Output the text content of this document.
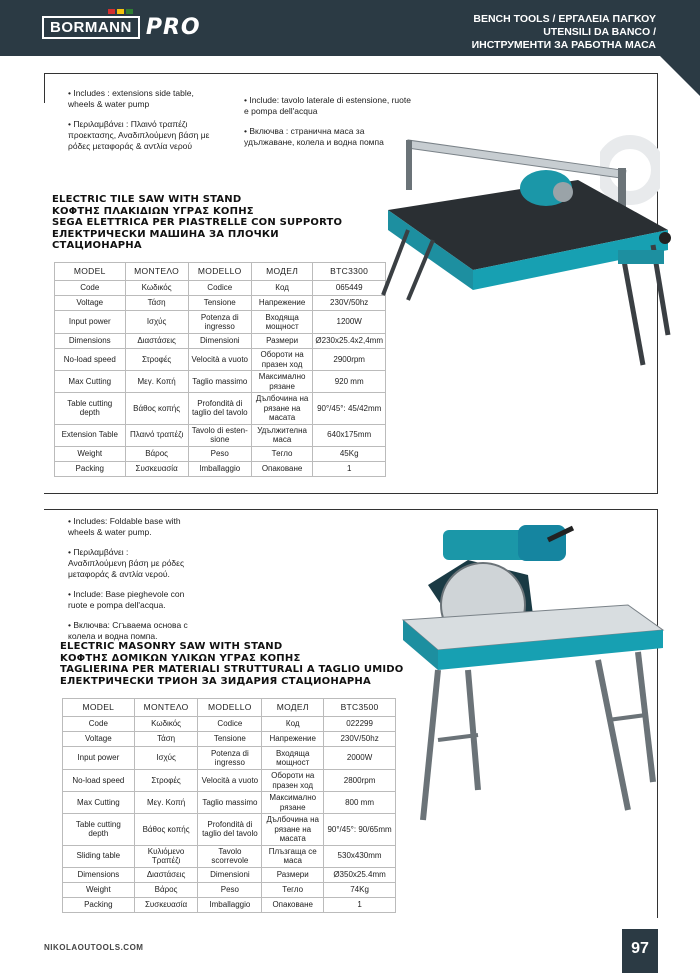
BORMANN PRO	BENCH TOOLS / ΕΡΓΑΛΕΙΑ ΠΑΓΚΟΥ
UTENSILI DA BANCO /
ИНСТРУМЕНТИ ЗА РАБОТНА МАСА

• Includes : extensions side table, wheels & water pump

• Περιλαμβάνει : Πλαινό τραπέζι προεκτασης, Αναδιπλούμενη βάση με ρόδες μεταφοράς & αντλία νερού

• Include: tavolo laterale di estensione, ruote e pompa dell'acqua

• Включва : странична маса за удължаване, колела и водна помпа

ELECTRIC TILE SAW WITH STAND
ΚΟΦΤΗΣ ΠΛΑΚΙΔΙΩΝ ΥΓΡΑΣ ΚΟΠΗΣ
SEGA ELETTRICA PER PIASTRELLE CON SUPPORTO
ЕЛЕКТРИЧЕСКИ МАШИНА ЗА ПЛОЧКИ
СТАЦИОНАРНА
MODEL	ΜΟΝΤΕΛΟ	MODELLO	МОДЕЛ	BTC3300
Code	Κωδικός	Codice	Код	065449
Voltage	Τάση	Tensione	Напрежение	230V/50hz
Input power	Ισχύς	Potenza di ingresso	Входяща мощност	1200W
Dimensions	Διαστάσεις	Dimensioni	Размери	Ø230x25.4x2,4mm
No-load speed	Στροφές	Velocità a vuoto	Обороти на празен ход	2900rpm
Max Cutting	Μεγ. Κοπή	Taglio massimo	Максимално рязане	920 mm
Table cutting depth	Βάθος κοπής	Profondità di taglio del tavolo	Дълбочина на рязане на масата	90°/45°: 45/42mm
Extension Table	Πλαινό τραπέζι	Tavolo di esten-sione	Удължителна маса	640x175mm
Weight	Βάρος	Peso	Тегло	45Kg
Packing	Συσκευασία	Imballaggio	Опаковане	1

• Includes: Foldable base with wheels & water pump.

• Περιλαμβάνει : Αναδιπλούμενη βάση με ρόδες μεταφοράς & αντλία νερού.

• Include: Base pieghevole con ruote e pompa dell'acqua.

• Включва: Сгъваема основа с колела и водна помпа.

ELECTRIC MASONRY SAW WITH STAND
ΚΟΦΤΗΣ ΔΟΜΙΚΩΝ ΥΛΙΚΩΝ ΥΓΡΑΣ ΚΟΠΗΣ
TAGLIERINA PER MATERIALI STRUTTURALI A TAGLIO UMIDO
ЕЛЕКТРИЧЕСКИ ТРИОН ЗА ЗИДАРИЯ СТАЦИОНАРНА
MODEL	ΜΟΝΤΕΛΟ	MODELLO	МОДЕЛ	BTC3500
Code	Κωδικός	Codice	Код	022299
Voltage	Τάση	Tensione	Напрежение	230V/50hz
Input power	Ισχύς	Potenza di ingresso	Входяща мощност	2000W
No-load speed	Στροφές	Velocità a vuoto	Обороти на празен ход	2800rpm
Max Cutting	Μεγ. Κοπή	Taglio massimo	Максимално рязане	800 mm
Table cutting depth	Βάθος κοπής	Profondità di taglio del tavolo	Дълбочина на рязане на масата	90°/45°: 90/65mm
Sliding table	Κυλιόμενο Τραπέζι	Tavolo scorrevole	Плъзгаща се маса	530x430mm
Dimensions	Διαστάσεις	Dimensioni	Размери	Ø350x25.4mm
Weight	Βάρος	Peso	Тегло	74Kg
Packing	Συσκευασία	Imballaggio	Опаковане	1
NIKOLAOUTOOLS.COM	97
